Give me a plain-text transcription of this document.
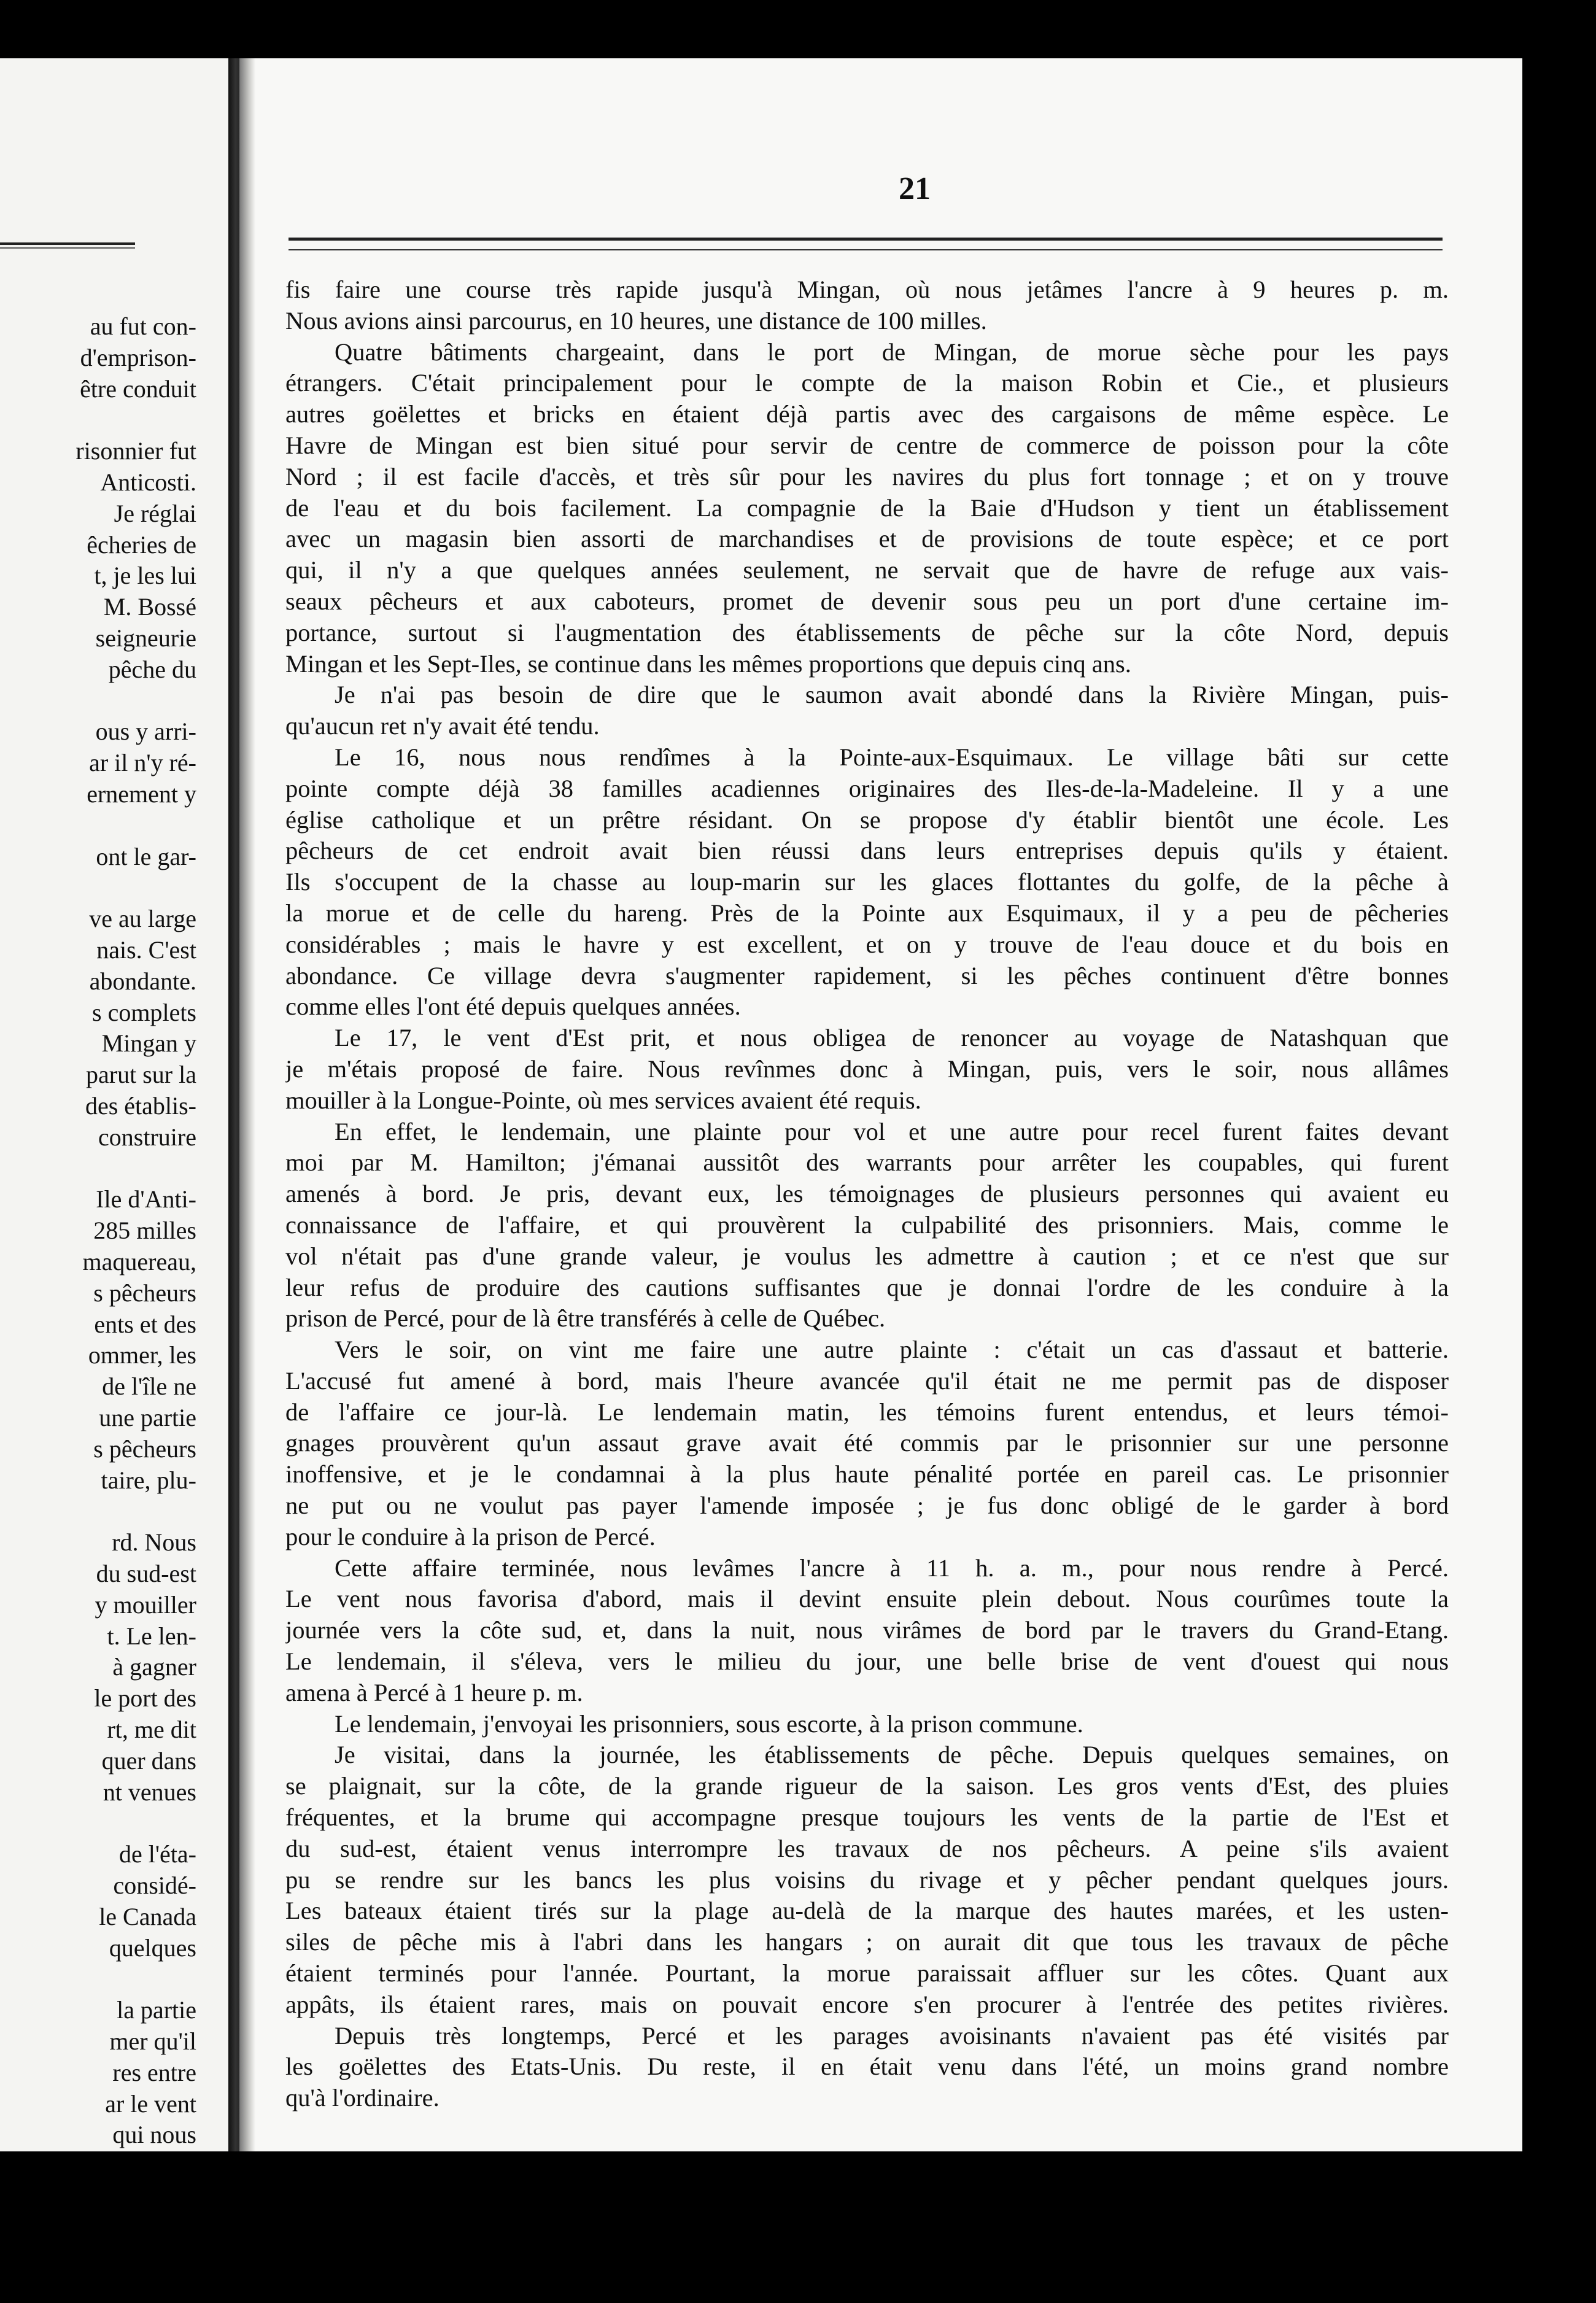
au fut con-
d'emprison-
être conduit
risonnier fut
Anticosti.
Je réglai
êcheries de
t, je les lui
M. Bossé
seigneurie
pêche du
ous y arri-
ar il n'y ré-
ernement y
ont le gar-
ve au large
nais. C'est
abondante.
s complets
Mingan y
parut sur la
des établis-
construire
Ile d'Anti-
285 milles
maquereau,
s pêcheurs
ents et des
ommer, les
de l'île ne
une partie
s pêcheurs
taire, plu-
rd. Nous
du sud-est
y mouiller
t. Le len-
à gagner
le port des
rt, me dit
quer dans
nt venues
de l'éta-
considé-
le Canada
quelques
la partie
mer qu'il
res entre
ar le vent
qui nous
21
fis faire une course très rapide jusqu'à Mingan, où nous jetâmes l'ancre à 9 heures p. m.
Nous avions ainsi parcourus, en 10 heures, une distance de 100 milles.
Quatre bâtiments chargeaint, dans le port de Mingan, de morue sèche pour les pays
étrangers. C'était principalement pour le compte de la maison Robin et Cie., et plusieurs
autres goëlettes et bricks en étaient déjà partis avec des cargaisons de même espèce. Le
Havre de Mingan est bien situé pour servir de centre de commerce de poisson pour la côte
Nord ; il est facile d'accès, et très sûr pour les navires du plus fort tonnage ; et on y trouve
de l'eau et du bois facilement. La compagnie de la Baie d'Hudson y tient un établissement
avec un magasin bien assorti de marchandises et de provisions de toute espèce; et ce port
qui, il n'y a que quelques années seulement, ne servait que de havre de refuge aux vais-
seaux pêcheurs et aux caboteurs, promet de devenir sous peu un port d'une certaine im-
portance, surtout si l'augmentation des établissements de pêche sur la côte Nord, depuis
Mingan et les Sept-Iles, se continue dans les mêmes proportions que depuis cinq ans.
Je n'ai pas besoin de dire que le saumon avait abondé dans la Rivière Mingan, puis-
qu'aucun ret n'y avait été tendu.
Le 16, nous nous rendîmes à la Pointe-aux-Esquimaux. Le village bâti sur cette
pointe compte déjà 38 familles acadiennes originaires des Iles-de-la-Madeleine. Il y a une
église catholique et un prêtre résidant. On se propose d'y établir bientôt une école. Les
pêcheurs de cet endroit avait bien réussi dans leurs entreprises depuis qu'ils y étaient.
Ils s'occupent de la chasse au loup-marin sur les glaces flottantes du golfe, de la pêche à
la morue et de celle du hareng. Près de la Pointe aux Esquimaux, il y a peu de pêcheries
considérables ; mais le havre y est excellent, et on y trouve de l'eau douce et du bois en
abondance. Ce village devra s'augmenter rapidement, si les pêches continuent d'être bonnes
comme elles l'ont été depuis quelques années.
Le 17, le vent d'Est prit, et nous obligea de renoncer au voyage de Natashquan que
je m'étais proposé de faire. Nous revînmes donc à Mingan, puis, vers le soir, nous allâmes
mouiller à la Longue-Pointe, où mes services avaient été requis.
En effet, le lendemain, une plainte pour vol et une autre pour recel furent faites devant
moi par M. Hamilton; j'émanai aussitôt des warrants pour arrêter les coupables, qui furent
amenés à bord. Je pris, devant eux, les témoignages de plusieurs personnes qui avaient eu
connaissance de l'affaire, et qui prouvèrent la culpabilité des prisonniers. Mais, comme le
vol n'était pas d'une grande valeur, je voulus les admettre à caution ; et ce n'est que sur
leur refus de produire des cautions suffisantes que je donnai l'ordre de les conduire à la
prison de Percé, pour de là être transférés à celle de Québec.
Vers le soir, on vint me faire une autre plainte : c'était un cas d'assaut et batterie.
L'accusé fut amené à bord, mais l'heure avancée qu'il était ne me permit pas de disposer
de l'affaire ce jour-là. Le lendemain matin, les témoins furent entendus, et leurs témoi-
gnages prouvèrent qu'un assaut grave avait été commis par le prisonnier sur une personne
inoffensive, et je le condamnai à la plus haute pénalité portée en pareil cas. Le prisonnier
ne put ou ne voulut pas payer l'amende imposée ; je fus donc obligé de le garder à bord
pour le conduire à la prison de Percé.
Cette affaire terminée, nous levâmes l'ancre à 11 h. a. m., pour nous rendre à Percé.
Le vent nous favorisa d'abord, mais il devint ensuite plein debout. Nous courûmes toute la
journée vers la côte sud, et, dans la nuit, nous virâmes de bord par le travers du Grand-Etang.
Le lendemain, il s'éleva, vers le milieu du jour, une belle brise de vent d'ouest qui nous
amena à Percé à 1 heure p. m.
Le lendemain, j'envoyai les prisonniers, sous escorte, à la prison commune.
Je visitai, dans la journée, les établissements de pêche. Depuis quelques semaines, on
se plaignait, sur la côte, de la grande rigueur de la saison. Les gros vents d'Est, des pluies
fréquentes, et la brume qui accompagne presque toujours les vents de la partie de l'Est et
du sud-est, étaient venus interrompre les travaux de nos pêcheurs. A peine s'ils avaient
pu se rendre sur les bancs les plus voisins du rivage et y pêcher pendant quelques jours.
Les bateaux étaient tirés sur la plage au-delà de la marque des hautes marées, et les usten-
siles de pêche mis à l'abri dans les hangars ; on aurait dit que tous les travaux de pêche
étaient terminés pour l'année. Pourtant, la morue paraissait affluer sur les côtes. Quant aux
appâts, ils étaient rares, mais on pouvait encore s'en procurer à l'entrée des petites rivières.
Depuis très longtemps, Percé et les parages avoisinants n'avaient pas été visités par
les goëlettes des Etats-Unis. Du reste, il en était venu dans l'été, un moins grand nombre
qu'à l'ordinaire.
